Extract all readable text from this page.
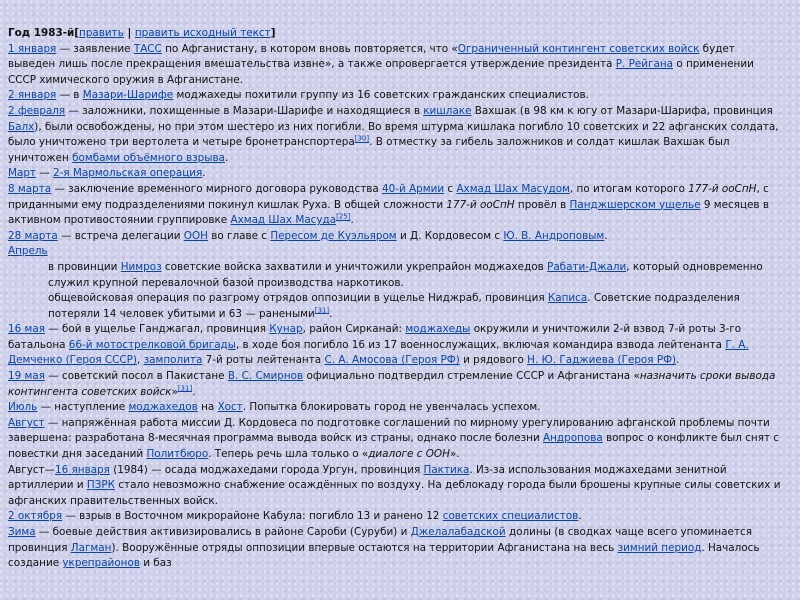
Год 1983-й[править | править исходный текст]
1 января — заявление ТАСС по Афганистану, в котором вновь повторяется, что «Ограниченный контингент советских войск будет выведен лишь после прекращения вмешательства извне», а также опровергается утверждение президента Р. Рейгана о применении СССР химического оружия в Афганистане.
2 января — в Мазари-Шарифе моджахеды похитили группу из 16 советских гражданских специалистов.
2 февраля — заложники, похищенные в Мазари-Шарифе и находящиеся в кишлаке Вахшак (в 98 км к югу от Мазари-Шарифа, провинция Балх), были освобождены, но при этом шестеро из них погибли. Во время штурма кишлака погибло 10 советских и 22 афганских солдата, было уничтожено три вертолета и четыре бронетранспортера[30]. В отместку за гибель заложников и солдат кишлак Вахшак был уничтожен бомбами объёмного взрыва.
Март — 2-я Мармольская операция.
8 марта — заключение временного мирного договора руководства 40-й Армии с Ахмад Шах Масудом, по итогам которого 177-й ооСпН, с приданными ему подразделениями покинул кишлак Руха. В общей сложности 177-й ооСпН провёл в Панджшерском ущелье 9 месяцев в активном противостоянии группировке Ахмад Шах Масуда[25].
28 марта — встреча делегации ООН во главе с Пересом де Куэльяром и Д. Кордовесом с Ю. В. Андроповым.
Апрель
в провинции Нимроз советские войска захватили и уничтожили укрепрайон моджахедов Рабати-Джали, который одновременно служил крупной перевалочной базой производства наркотиков.
общевойсковая операция по разгрому отрядов оппозиции в ущелье Ниджраб, провинция Каписа. Советские подразделения потеряли 14 человек убитыми и 63 — ранеными[31].
16 мая — бой в ущелье Ганджагал, провинция Кунар, район Сирканай: моджахеды окружили и уничтожили 2-й взвод 7-й роты 3-го батальона 66-й мотострелковой бригады, в ходе боя погибло 16 из 17 военнослужащих, включая командира взвода лейтенанта Г. А. Демченко (Героя СССР), замполита 7-й роты лейтенанта С. А. Амосова (Героя РФ) и рядового Н. Ю. Гаджиева (Героя РФ).
19 мая — советский посол в Пакистане В. С. Смирнов официально подтвердил стремление СССР и Афганистана «назначить сроки вывода контингента советских войск»[31].
Июль — наступление моджахедов на Хост. Попытка блокировать город не увенчалась успехом.
Август — напряжённая работа миссии Д. Кордовеса по подготовке соглашений по мирному урегулированию афганской проблемы почти завершена: разработана 8-месячная программа вывода войск из страны, однако после болезни Андропова вопрос о конфликте был снят с повестки дня заседаний Политбюро. Теперь речь шла только о «диалоге с ООН».
Август—16 января (1984) — осада моджахедами города Ургун, провинция Пактика. Из-за использования моджахедами зенитной артиллерии и ПЗРК стало невозможно снабжение осаждённых по воздуху. На деблокаду города были брошены крупные силы советских и афганских правительственных войск.
2 октября — взрыв в Восточном микрорайоне Кабула: погибло 13 и ранено 12 советских специалистов.
Зима — боевые действия активизировались в районе Сароби (Суруби) и Джелалабадской долины (в сводках чаще всего упоминается провинция Лагман). Вооружённые отряды оппозиции впервые остаются на территории Афганистана на весь зимний период. Началось создание укрепрайонов и баз
